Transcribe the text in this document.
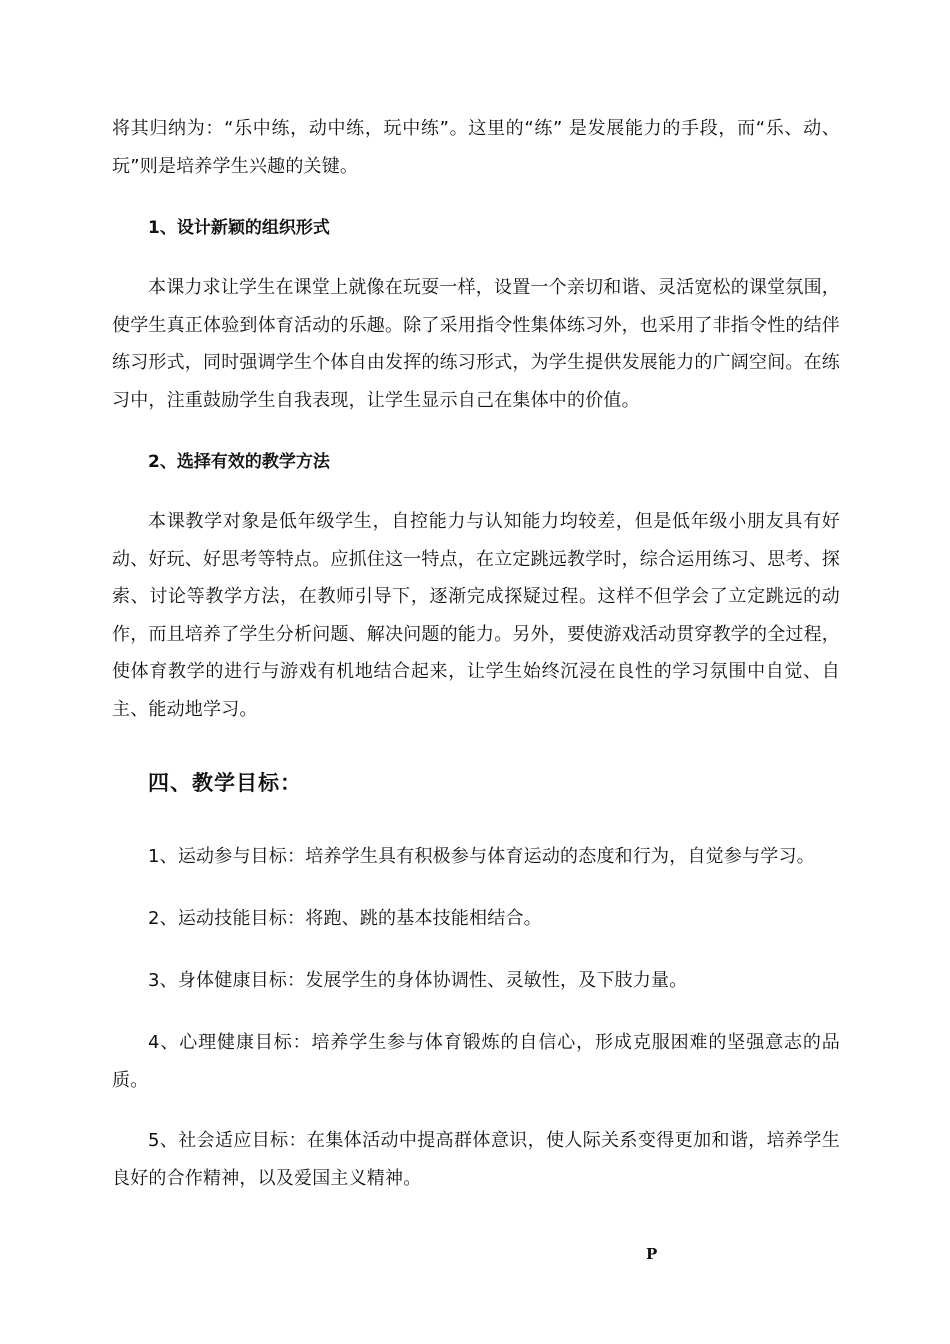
将其归纳为：“乐中练，动中练，玩中练”。这里的“练” 是发展能力的手段，而“乐、动、玩”则是培养学生兴趣的关键。

1、设计新颖的组织形式

本课力求让学生在课堂上就像在玩耍一样，设置一个亲切和谐、灵活宽松的课堂氛围，使学生真正体验到体育活动的乐趣。除了采用指令性集体练习外，也采用了非指令性的结伴练习形式，同时强调学生个体自由发挥的练习形式，为学生提供发展能力的广阔空间。在练习中，注重鼓励学生自我表现，让学生显示自己在集体中的价值。

2、选择有效的教学方法

本课教学对象是低年级学生，自控能力与认知能力均较差，但是低年级小朋友具有好动、好玩、好思考等特点。应抓住这一特点，在立定跳远教学时，综合运用练习、思考、探索、讨论等教学方法，在教师引导下，逐渐完成探疑过程。这样不但学会了立定跳远的动作，而且培养了学生分析问题、解决问题的能力。另外，要使游戏活动贯穿教学的全过程，使体育教学的进行与游戏有机地结合起来，让学生始终沉浸在良性的学习氛围中自觉、自主、能动地学习。

四、教学目标：

1、运动参与目标：培养学生具有积极参与体育运动的态度和行为，自觉参与学习。

2、运动技能目标：将跑、跳的基本技能相结合。

3、身体健康目标：发展学生的身体协调性、灵敏性，及下肢力量。

4、心理健康目标：培养学生参与体育锻炼的自信心，形成克服困难的坚强意志的品质。

5、社会适应目标：在集体活动中提高群体意识，使人际关系变得更加和谐，培养学生良好的合作精神，以及爱国主义精神。

P
